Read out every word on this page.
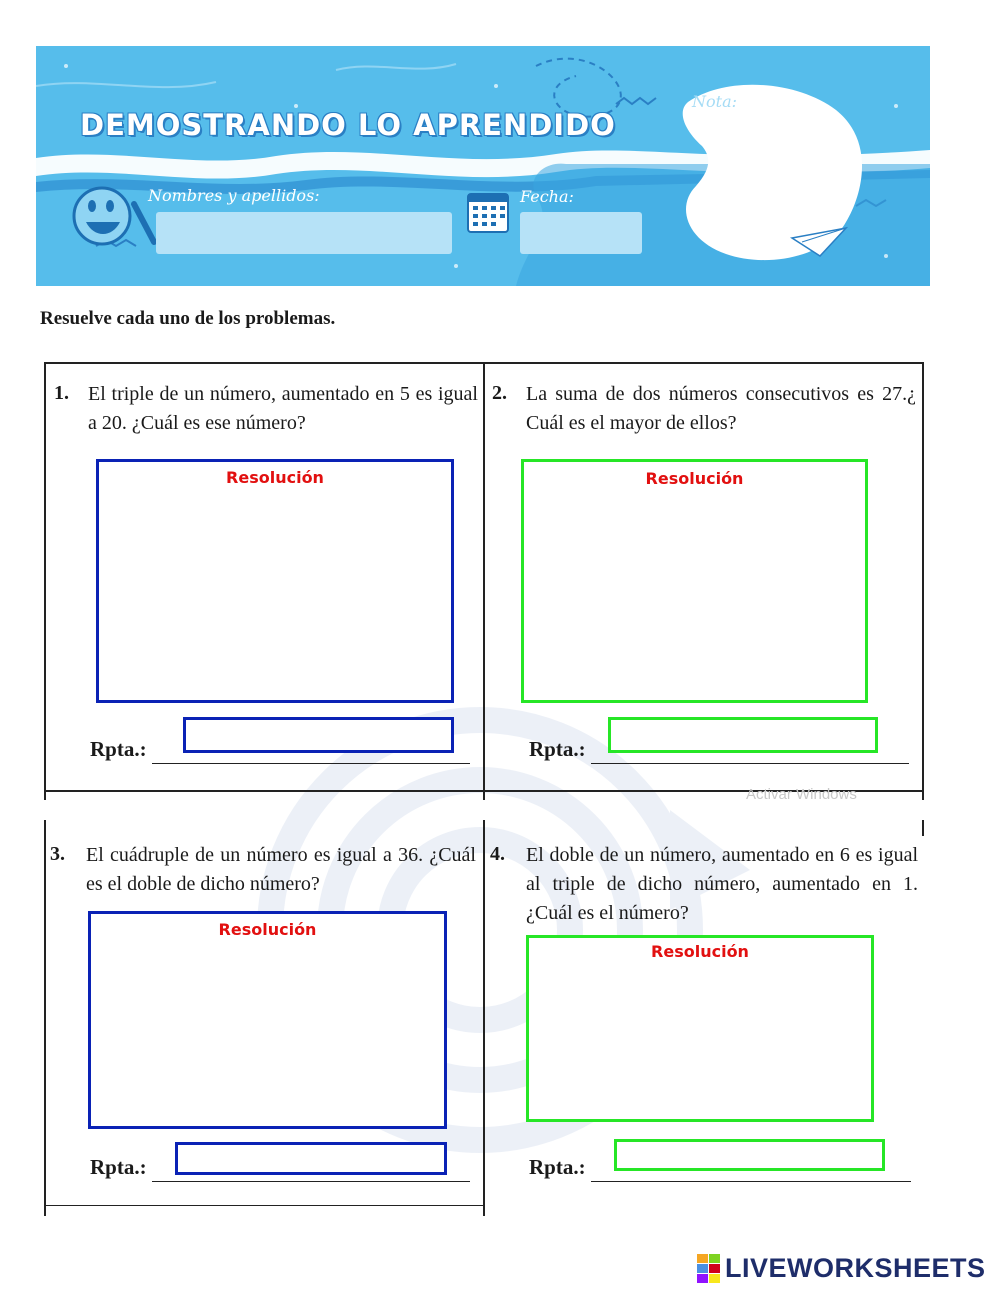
DEMOSTRANDO LO APRENDIDO
Nombres y apellidos:	Fecha:
Nota:
Resuelve cada uno de los problemas.
1. El triple de un número, aumentado en 5 es igual a 20. ¿Cuál es ese número?
Resolución
Rpta.:
2. La suma de dos números consecutivos es 27.¿ Cuál es el mayor de ellos?
Resolución
Rpta.:
Activar Windows
3. El cuádruple de un número es igual a 36. ¿Cuál es el doble de dicho número?
Resolución
Rpta.:
4. El doble de un número, aumentado en 6 es igual al triple de dicho número, aumentado en 1. ¿Cuál es el número?
Resolución
Rpta.:
LIVEWORKSHEETS
